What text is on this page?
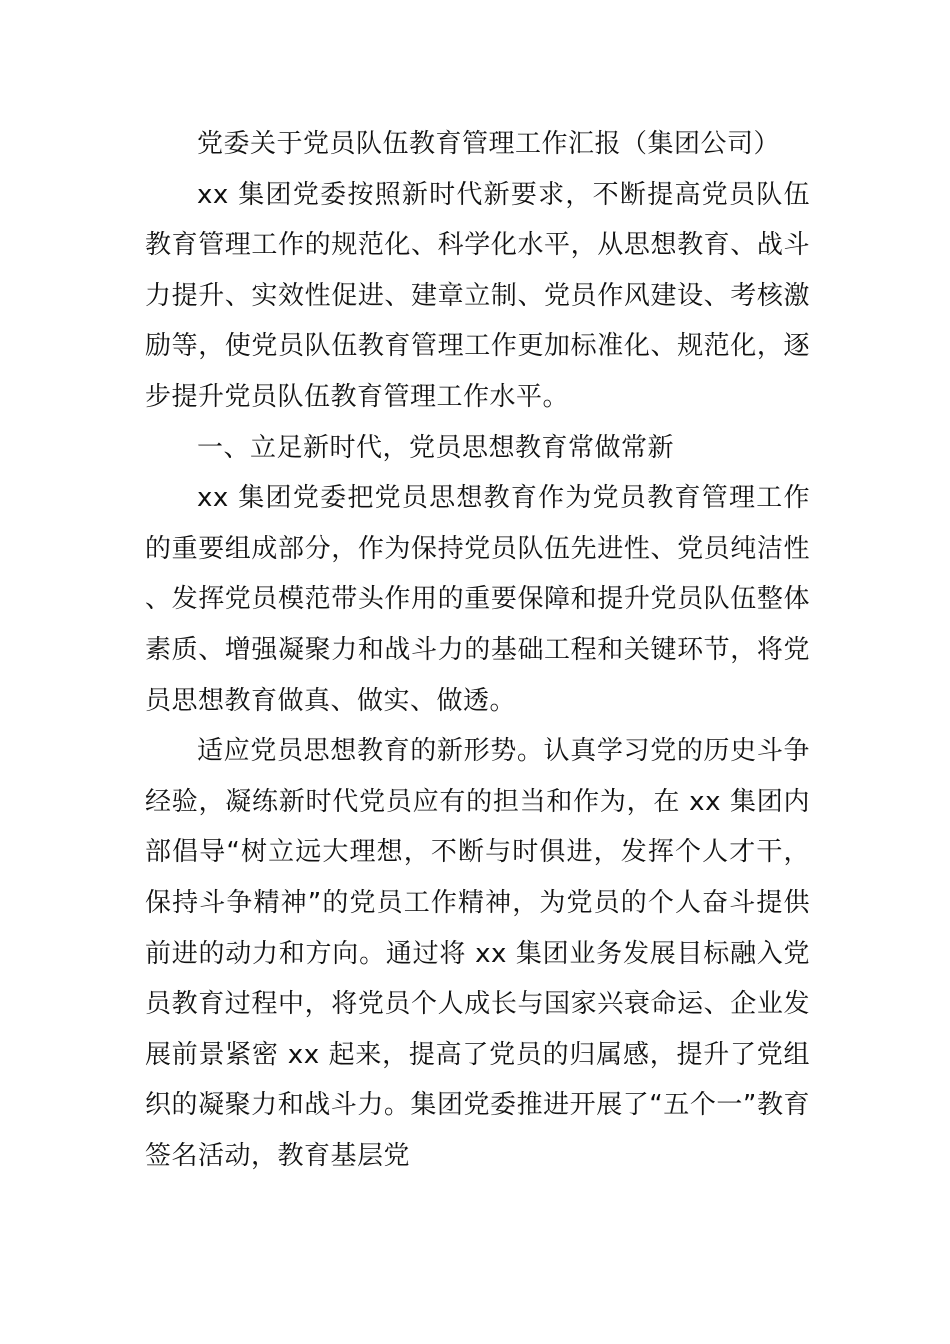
党委关于党员队伍教育管理工作汇报（集团公司）

xx 集团党委按照新时代新要求，不断提高党员队伍教育管理工作的规范化、科学化水平，从思想教育、战斗力提升、实效性促进、建章立制、党员作风建设、考核激励等，使党员队伍教育管理工作更加标准化、规范化，逐步提升党员队伍教育管理工作水平。

一、立足新时代，党员思想教育常做常新

xx 集团党委把党员思想教育作为党员教育管理工作的重要组成部分，作为保持党员队伍先进性、党员纯洁性、发挥党员模范带头作用的重要保障和提升党员队伍整体素质、增强凝聚力和战斗力的基础工程和关键环节，将党员思想教育做真、做实、做透。

适应党员思想教育的新形势。认真学习党的历史斗争经验，凝练新时代党员应有的担当和作为，在 xx 集团内部倡导“树立远大理想，不断与时俱进，发挥个人才干，保持斗争精神”的党员工作精神，为党员的个人奋斗提供前进的动力和方向。通过将 xx 集团业务发展目标融入党员教育过程中，将党员个人成长与国家兴衰命运、企业发展前景紧密 xx 起来，提高了党员的归属感，提升了党组织的凝聚力和战斗力。集团党委推进开展了“五个一”教育签名活动，教育基层党
